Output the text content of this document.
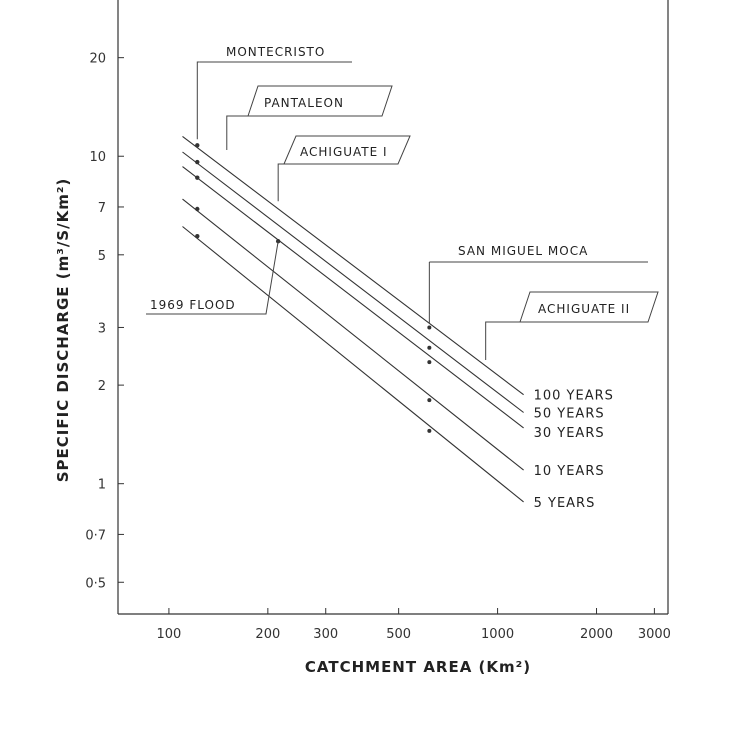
0·5
0·7
1
2
3
5
7
10
20
100	200	300	500	1000	2000 3000
100 YEARS
50 YEARS
30 YEARS
10 YEARS
5 YEARS
MONTECRISTO
PANTALEON
ACHIGUATE I
SAN MIGUEL MOCA
ACHIGUATE II
1969 FLOOD
CATCHMENT AREA (Km²)
SPECIFIC DISCHARGE (m³/S/Km²)
